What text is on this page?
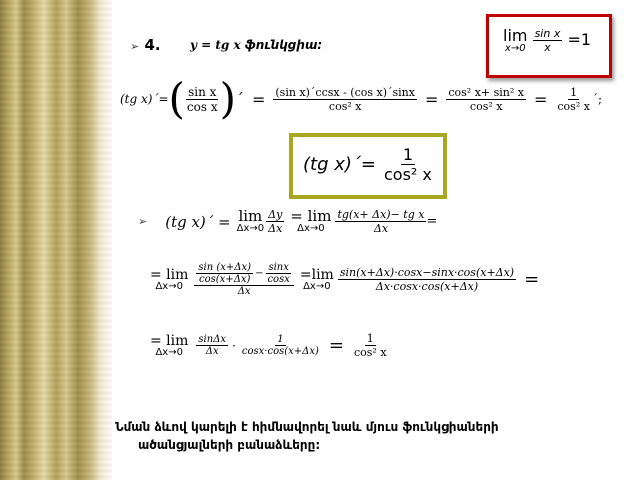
➢ 4. y = tg x ֆունկցիա:
lim
x→0
$\frac{\text{sin x}}{x} =1$
(tg x)´= ( $\frac{\text{sin x}}{\text{cos x}}$ ) ´ = $\frac{\text{(sin x)´ccsx - (cos x)´sinx}}{\text{cos² x}} = \frac{\text{cos² x+ sin² x}}{\text{cos² x}} = \frac{1}{\text{cos² x}}$ ´;
(tg x)´= $\frac{1}{\text{cos² x}}$
➢ (tg x)´ = lim
$\Delta x\to 0 \frac{\Delta y}{\Delta x} = \lim$
$\Delta x\to 0 \frac{\text{tg(x+ Δx)− tg x}}{\Delta x}$ =
= lim
Δx→0
$\frac{\sin (x+\Delta x)}{\cos(x+\Delta x)} - \frac{\sin x}{\cos x}$
Δx
=lim
$\Delta x\to 0 \frac{\sin(x+\Delta x)\cdot\cos x-\sin x\cdot\cos(x+\Delta x)}{\Delta x\cdot\cos x\cdot\cos(x+\Delta x)}$ =
= lim
$\Delta x\to 0 \frac{\sin\Delta x}{\Delta x} \cdot \frac{1}{\cos x\cdot\cos(x+\Delta x)} = \frac{1}{\text{cos² x}}$
Նման ձևով կարելի է հիմնավորել նաև մյուս ֆունկցիաների
ածանցյալների բանաձևերը:
